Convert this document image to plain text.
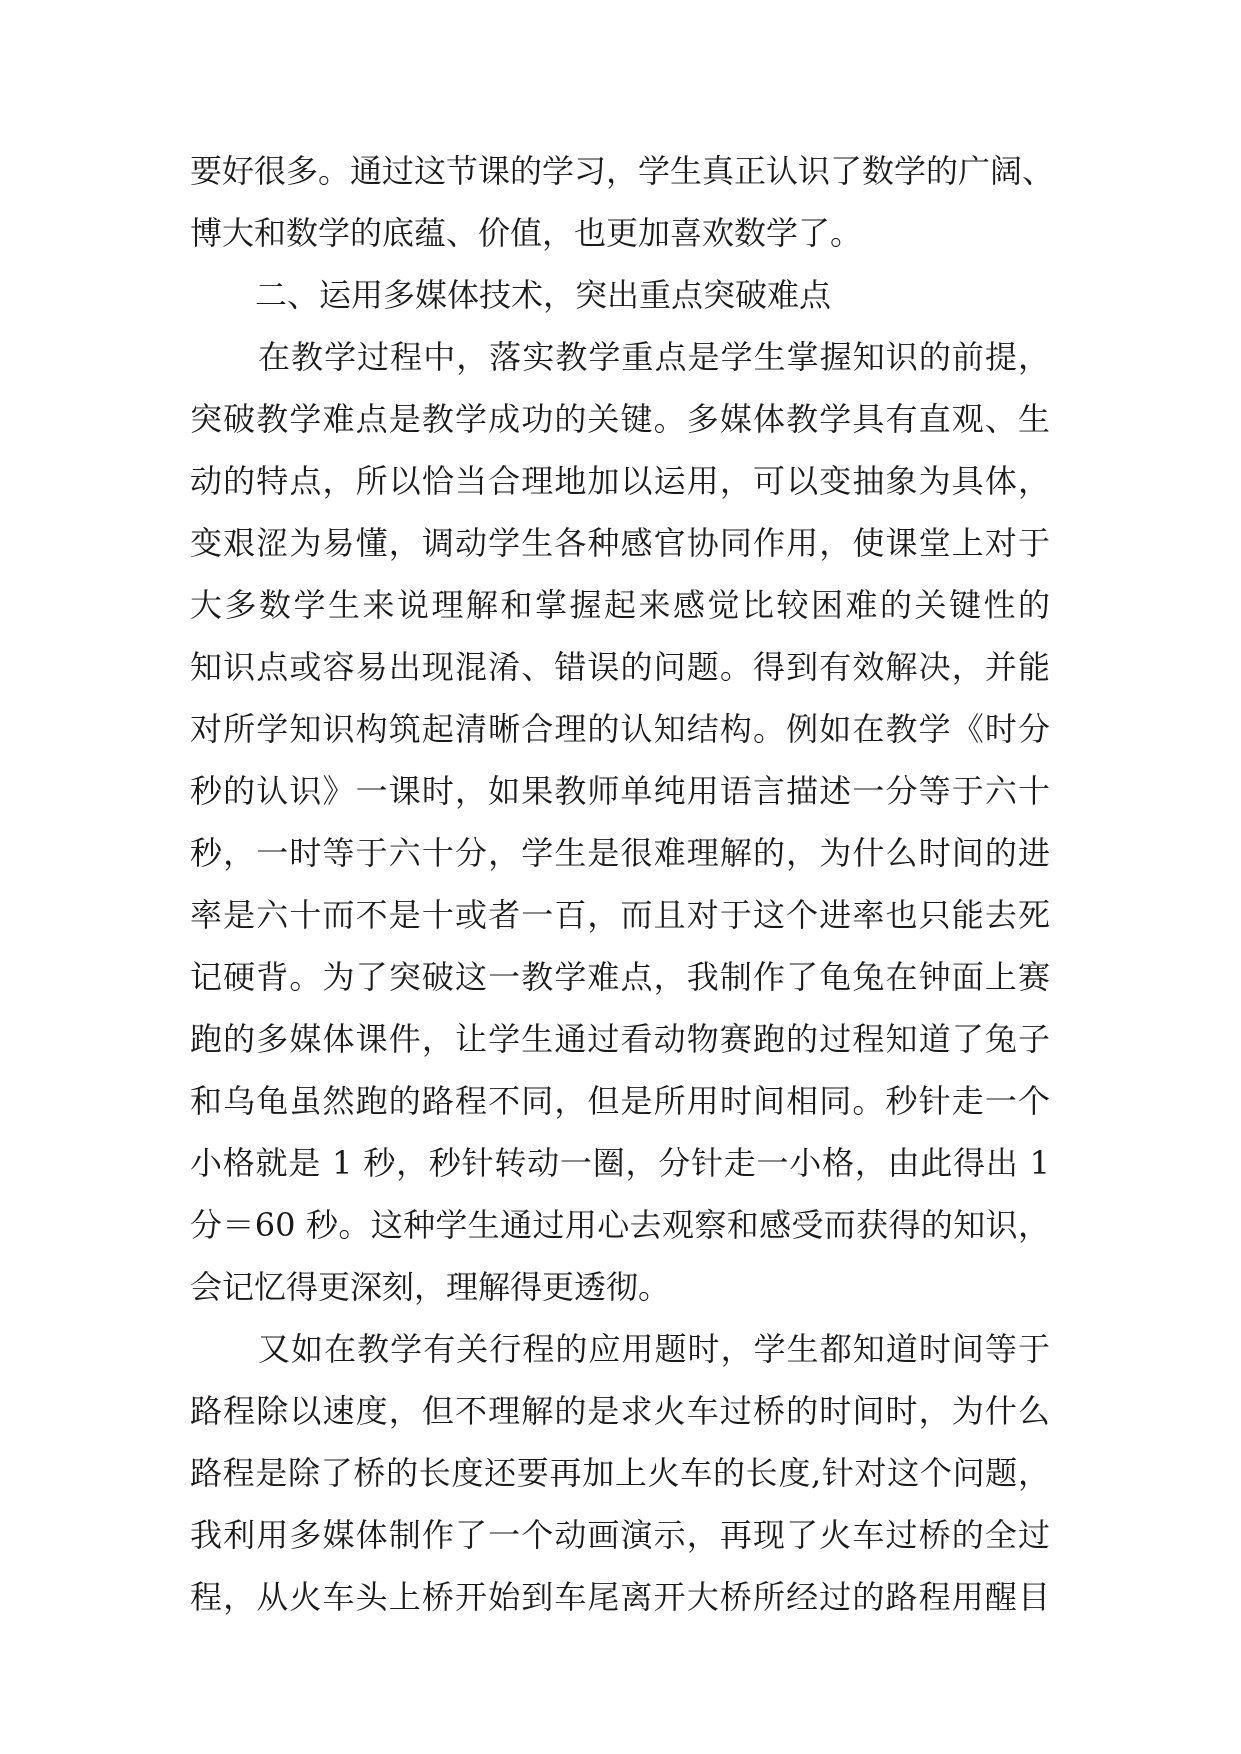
要好很多。通过这节课的学习，学生真正认识了数学的广阔、
博大和数学的底蕴、价值，也更加喜欢数学了。
二、运用多媒体技术，突出重点突破难点
在教学过程中，落实教学重点是学生掌握知识的前提，
突破教学难点是教学成功的关键。多媒体教学具有直观、生
动的特点，所以恰当合理地加以运用，可以变抽象为具体，
变艰涩为易懂，调动学生各种感官协同作用，使课堂上对于
大多数学生来说理解和掌握起来感觉比较困难的关键性的
知识点或容易出现混淆、错误的问题。得到有效解决，并能
对所学知识构筑起清晰合理的认知结构。例如在教学《时分
秒的认识》一课时，如果教师单纯用语言描述一分等于六十
秒，一时等于六十分，学生是很难理解的，为什么时间的进
率是六十而不是十或者一百，而且对于这个进率也只能去死
记硬背。为了突破这一教学难点，我制作了龟兔在钟面上赛
跑的多媒体课件，让学生通过看动物赛跑的过程知道了兔子
和乌龟虽然跑的路程不同，但是所用时间相同。秒针走一个
小格就是 1 秒，秒针转动一圈，分针走一小格，由此得出 1
分＝60 秒。这种学生通过用心去观察和感受而获得的知识，
会记忆得更深刻，理解得更透彻。
又如在教学有关行程的应用题时，学生都知道时间等于
路程除以速度，但不理解的是求火车过桥的时间时，为什么
路程是除了桥的长度还要再加上火车的长度,针对这个问题，
我利用多媒体制作了一个动画演示，再现了火车过桥的全过
程，从火车头上桥开始到车尾离开大桥所经过的路程用醒目
